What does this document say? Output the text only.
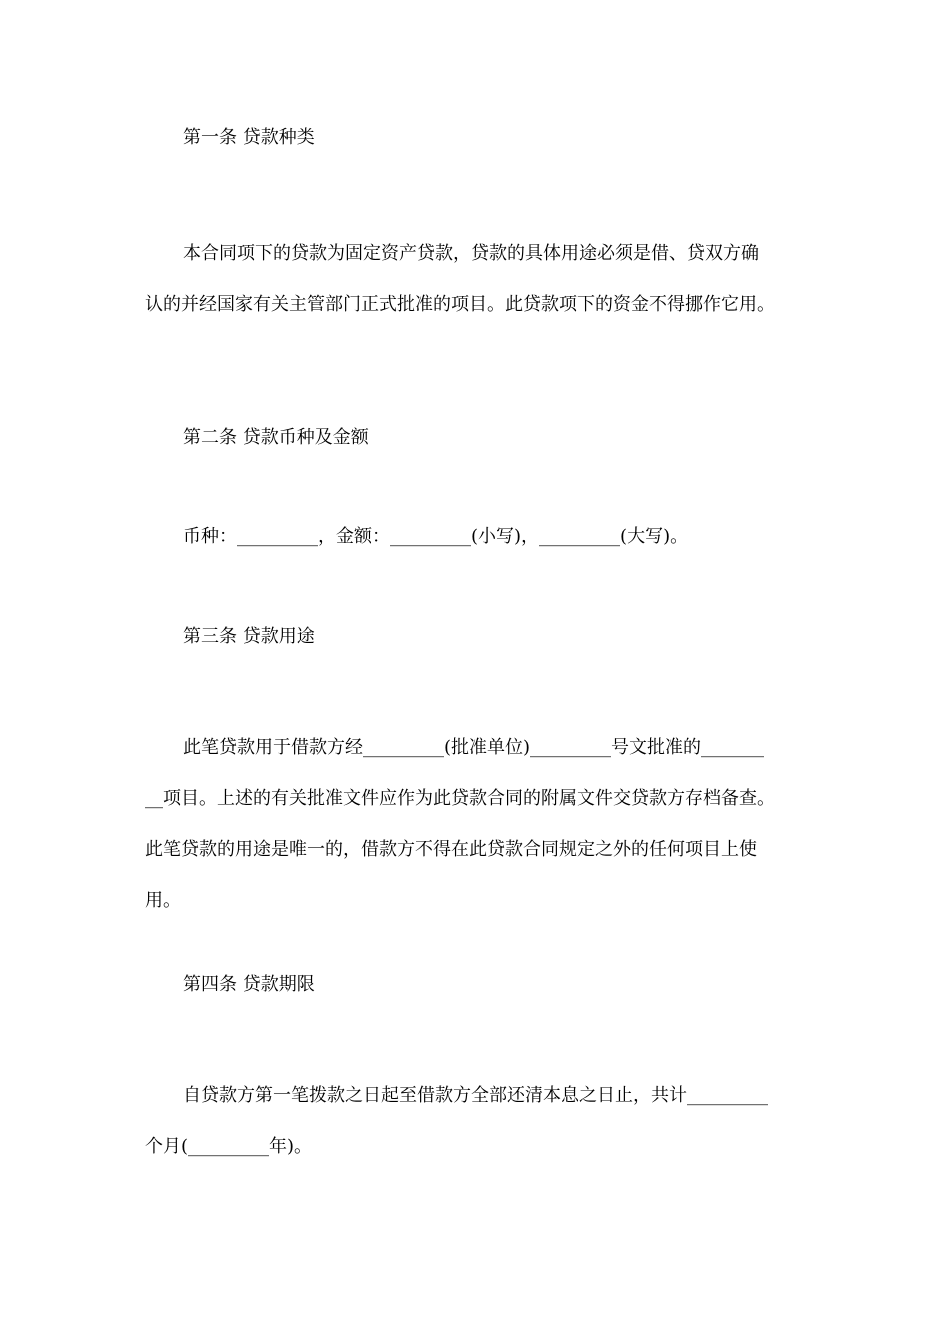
第一条 贷款种类
本合同项下的贷款为固定资产贷款，贷款的具体用途必须是借、贷双方确
认的并经国家有关主管部门正式批准的项目。此贷款项下的资金不得挪作它用。
第二条 贷款币种及金额
币种：_________，金额：_________(小写)，_________(大写)。
第三条 贷款用途
此笔贷款用于借款方经_________(批准单位)_________号文批准的_______
__项目。上述的有关批准文件应作为此贷款合同的附属文件交贷款方存档备查。
此笔贷款的用途是唯一的，借款方不得在此贷款合同规定之外的任何项目上使
用。
第四条 贷款期限
自贷款方第一笔拨款之日起至借款方全部还清本息之日止，共计_________
个月(_________年)。
